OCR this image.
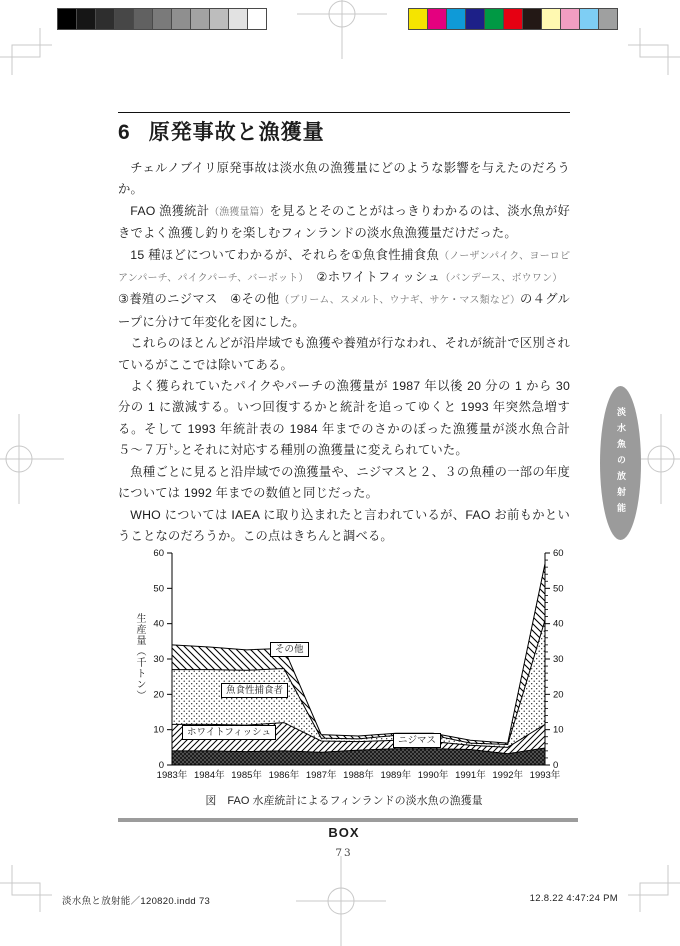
6 原発事故と漁獲量

チェルノブイリ原発事故は淡水魚の漁獲量にどのような影響を与えたのだろうか。

FAO 漁獲統計（漁獲量篇）を見るとそのことがはっきりわかるのは、淡水魚が好きでよく漁獲し釣りを楽しむフィンランドの淡水魚漁獲量だけだった。

15 種ほどについてわかるが、それらを①魚食性捕食魚（ノーザンパイク、ヨーロピアンパーチ、パイクパーチ、バーボット）　②ホワイトフィッシュ（バンデース、ボウワン）　③養殖のニジマス　④その他（ブリーム、スメルト、ウナギ、サケ・マス類など）の４グループに分けて年変化を図にした。

これらのほとんどが沿岸域でも漁獲や養殖が行なわれ、それが統計で区別されているがここでは除いてある。

よく獲られていたパイクやパーチの漁獲量が 1987 年以後 20 分の 1 から 30 分の 1 に激減する。いつ回復するかと統計を追ってゆくと 1993 年突然急増する。そして 1993 年統計表の 1984 年までのさかのぼった漁獲量が淡水魚合計５〜７万㌧とそれに対応する種別の漁獲量に変えられていた。

魚種ごとに見ると沿岸域での漁獲量や、ニジマスと２、３の魚種の一部の年度については 1992 年までの数値と同じだった。

WHO については IAEA に取り込まれたと言われているが、FAO お前もかということなのだろうか。この点はきちんと調べる。

0	0
10	10
20	20
30	30
40	40
50	50
60	60
1983年 1984年 1985年 1986年 1987年 1988年 1989年 1990年 1991年 1992年 1993年
生産量（千トン）	その他
魚食性捕食者
ホワイトフィッシュ
ニジマス
図　FAO 水産統計によるフィンランドの淡水魚の漁獲量
BOX
73
淡水魚の放射能
淡水魚と放射能／120820.indd 73	12.8.22 4:47:24 PM
